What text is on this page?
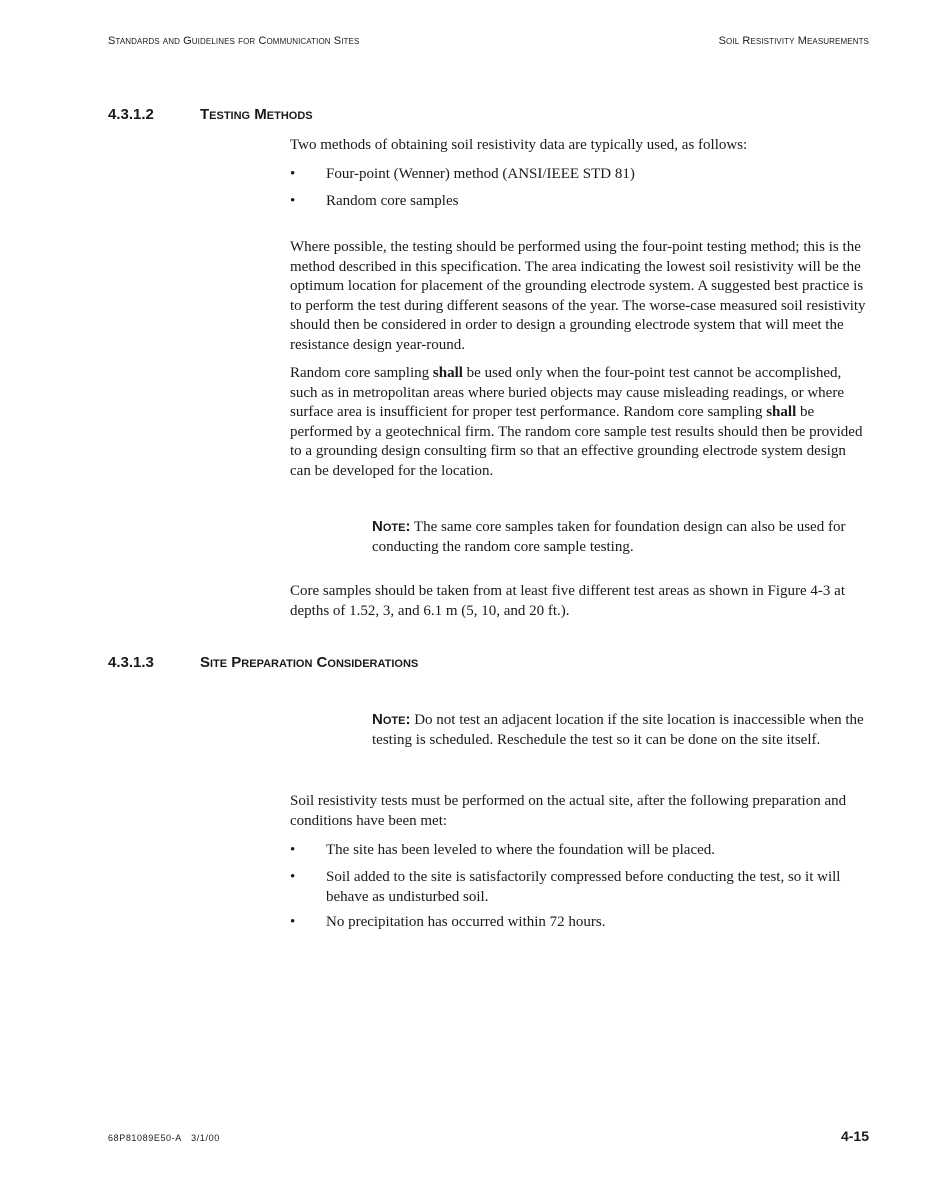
Standards and Guidelines for Communication Sites	Soil Resistivity Measurements
4.3.1.2	Testing Methods

Two methods of obtaining soil resistivity data are typically used, as follows:

• Four-point (Wenner) method (ANSI/IEEE STD 81)
• Random core samples

Where possible, the testing should be performed using the four-point testing method; this is the method described in this specification. The area indicating the lowest soil resistivity will be the optimum location for placement of the grounding electrode system. A suggested best practice is to perform the test during different seasons of the year. The worse-case measured soil resistivity should then be considered in order to design a grounding electrode system that will meet the resistance design year-round.

Random core sampling shall be used only when the four-point test cannot be accomplished, such as in metropolitan areas where buried objects may cause misleading readings, or where surface area is insufficient for proper test performance. Random core sampling shall be performed by a geotechnical firm. The random core sample test results should then be provided to a grounding design consulting firm so that an effective grounding electrode system design can be developed for the location.

Note: The same core samples taken for foundation design can also be used for conducting the random core sample testing.

Core samples should be taken from at least five different test areas as shown in Figure 4-3 at depths of 1.52, 3, and 6.1 m (5, 10, and 20 ft.).

4.3.1.3	Site Preparation Considerations

Note: Do not test an adjacent location if the site location is inaccessible when the testing is scheduled. Reschedule the test so it can be done on the site itself.

Soil resistivity tests must be performed on the actual site, after the following preparation and conditions have been met:

• The site has been leveled to where the foundation will be placed.
• Soil added to the site is satisfactorily compressed before conducting the test, so it will behave as undisturbed soil.
• No precipitation has occurred within 72 hours.
68P81089E50-A 3/1/00	4-15
